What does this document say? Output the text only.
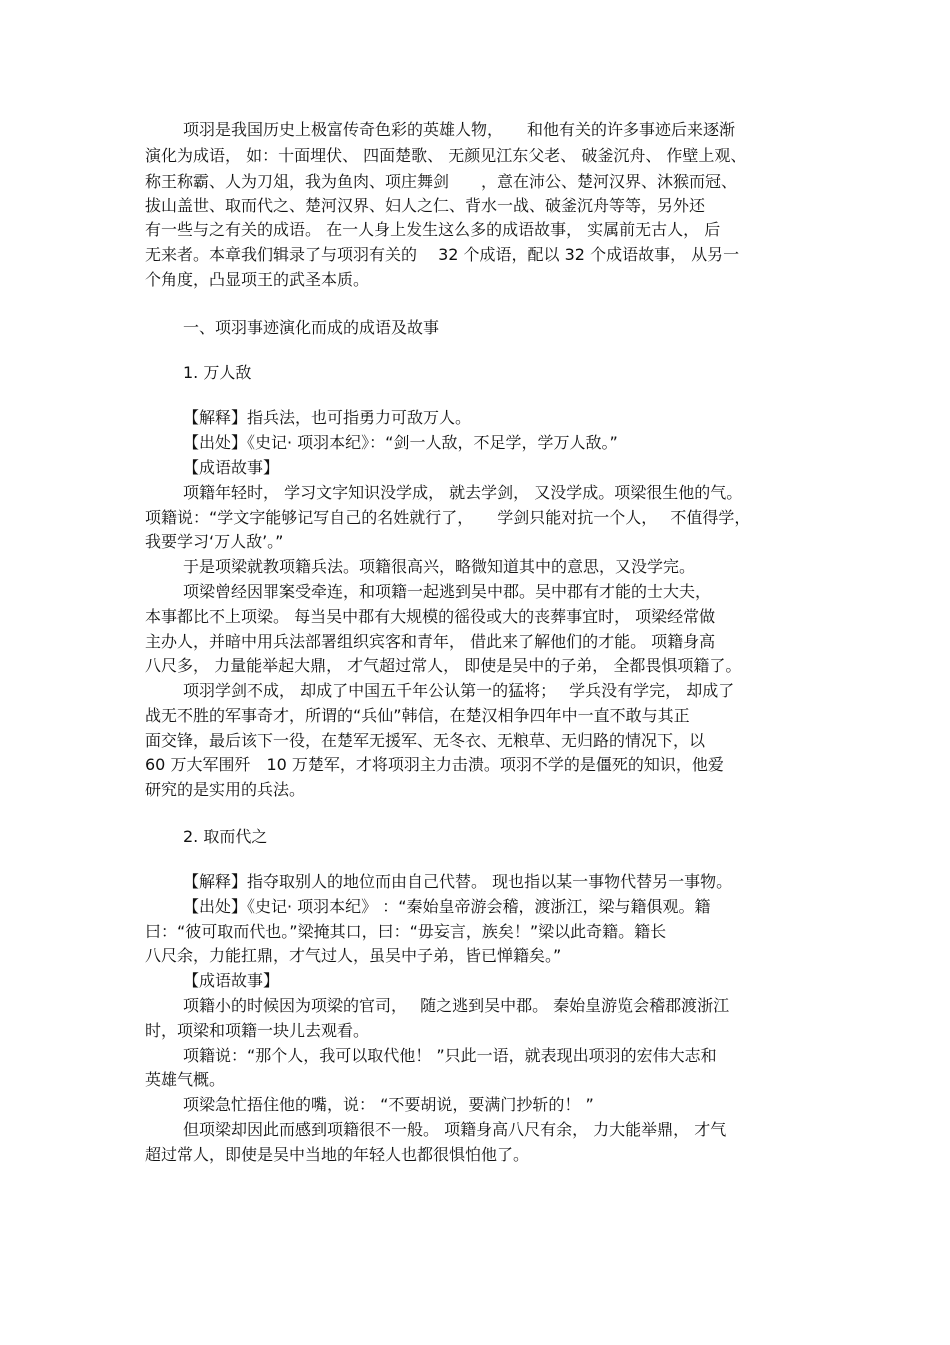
项羽是我国历史上极富传奇色彩的英雄人物，　　和他有关的许多事迹后来逐渐
演化为成语， 如：十面埋伏、 四面楚歌、 无颜见江东父老、 破釜沉舟、 作壁上观、
称王称霸、人为刀俎，我为鱼肉、项庄舞剑　　，意在沛公、楚河汉界、沐猴而冠、
拔山盖世、取而代之、楚河汉界、妇人之仁、背水一战、破釜沉舟等等，另外还
有一些与之有关的成语。 在一人身上发生这么多的成语故事， 实属前无古人， 后
无来者。本章我们辑录了与项羽有关的　 32 个成语，配以 32 个成语故事， 从另一
个角度，凸显项王的武圣本质。
一、项羽事迹演化而成的成语及故事
1. 万人敌
【解释】指兵法，也可指勇力可敌万人。
【出处】《史记· 项羽本纪》：“剑一人敌，不足学，学万人敌。”
【成语故事】
项籍年轻时， 学习文字知识没学成， 就去学剑， 又没学成。项梁很生他的气。
项籍说：“学文字能够记写自己的名姓就行了，　　学剑只能对抗一个人，　 不值得学，
我要学习‘万人敌’。”
于是项梁就教项籍兵法。项籍很高兴，略微知道其中的意思，又没学完。
项梁曾经因罪案受牵连，和项籍一起逃到吴中郡。吴中郡有才能的士大夫，
本事都比不上项梁。 每当吴中郡有大规模的徭役或大的丧葬事宜时， 项梁经常做
主办人，并暗中用兵法部署组织宾客和青年， 借此来了解他们的才能。 项籍身高
八尺多， 力量能举起大鼎， 才气超过常人， 即使是吴中的子弟， 全都畏惧项籍了。
项羽学剑不成， 却成了中国五千年公认第一的猛将；　 学兵没有学完， 却成了
战无不胜的军事奇才，所谓的“兵仙”韩信，在楚汉相争四年中一直不敢与其正
面交锋，最后该下一役，在楚军无援军、无冬衣、无粮草、无归路的情况下，以
60 万大军围歼　10 万楚军，才将项羽主力击溃。项羽不学的是僵死的知识，他爱
研究的是实用的兵法。
2. 取而代之
【解释】指夺取别人的地位而由自己代替。 现也指以某一事物代替另一事物。
【出处】《史记· 项羽本纪》 ：“秦始皇帝游会稽，渡浙江，梁与籍俱观。籍
曰：“彼可取而代也。”梁掩其口，曰：“毋妄言，族矣！”梁以此奇籍。籍长
八尺余，力能扛鼎，才气过人，虽吴中子弟，皆已惮籍矣。”
【成语故事】
项籍小的时候因为项梁的官司，　 随之逃到吴中郡。 秦始皇游览会稽郡渡浙江
时，项梁和项籍一块儿去观看。
项籍说：“那个人，我可以取代他！ ”只此一语，就表现出项羽的宏伟大志和
英雄气概。
项梁急忙捂住他的嘴，说： “不要胡说，要满门抄斩的！ ”
但项梁却因此而感到项籍很不一般。 项籍身高八尺有余， 力大能举鼎， 才气
超过常人，即使是吴中当地的年轻人也都很惧怕他了。
